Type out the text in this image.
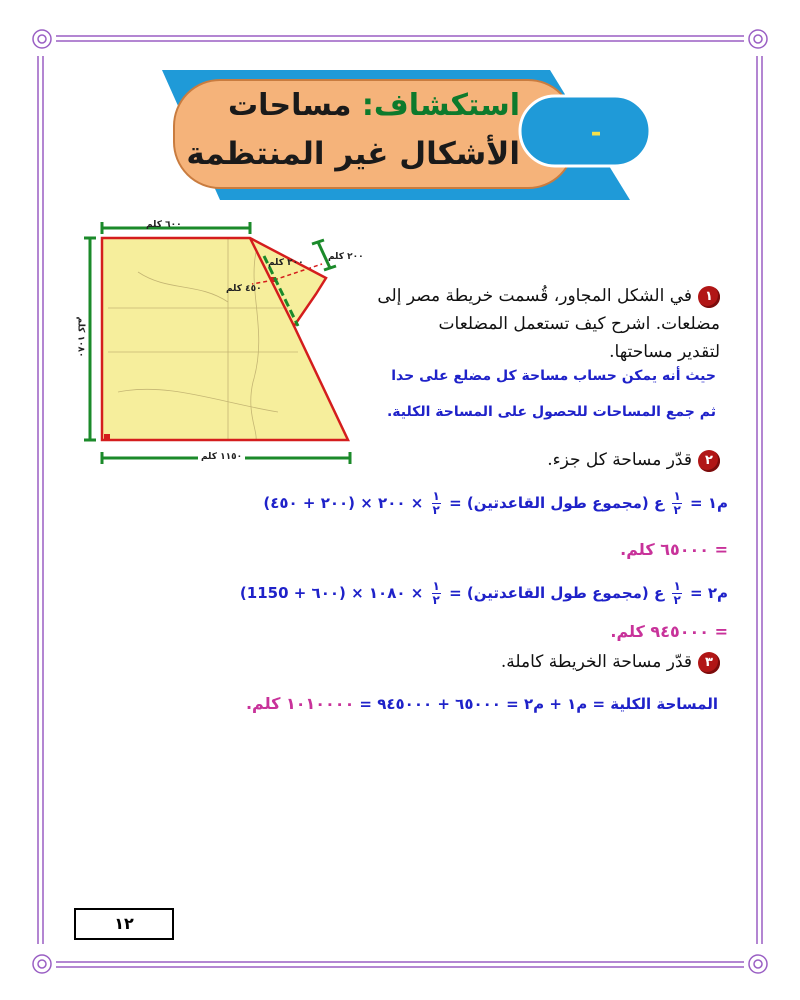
-
استكشاف: مساحات
الأشكال غير المنتظمة
٦٠٠ كلم
٢٠٠ كلم
٢٠٠ كلم
٤٥٠ كلم
١٠٨٠ كلم
١١٥٠ كلم
١في الشكل المجاور، قُسمت خريطة مصر إلى
مضلعات. اشرح كيف تستعمل المضلعات
لتقدير مساحتها.
حيث أنه يمكن حساب مساحة كل مضلع على حدا
ثم جمع المساحات للحصول على المساحة الكلية.
٢قدّر مساحة كل جزء.
م١ =
$\frac{١}{٢}$
ع (مجموع طول القاعدتين) =
$\frac{١}{٢}$
× ٢٠٠ × (٢٠٠ + ٤٥٠)
= ٦٥٠٠٠ كلم.
م٢ =
$\frac{١}{٢}$
ع (مجموع طول القاعدتين) =
$\frac{١}{٢}$
× ١٠٨٠ × (٦٠٠ + 1150)
= ٩٤٥٠٠٠ كلم.
٣قدّر مساحة الخريطة كاملة.
المساحة الكلية = م١ + م٢ = ٦٥٠٠٠ + ٩٤٥٠٠٠ = ١٠١٠٠٠٠ كلم.
١٢
